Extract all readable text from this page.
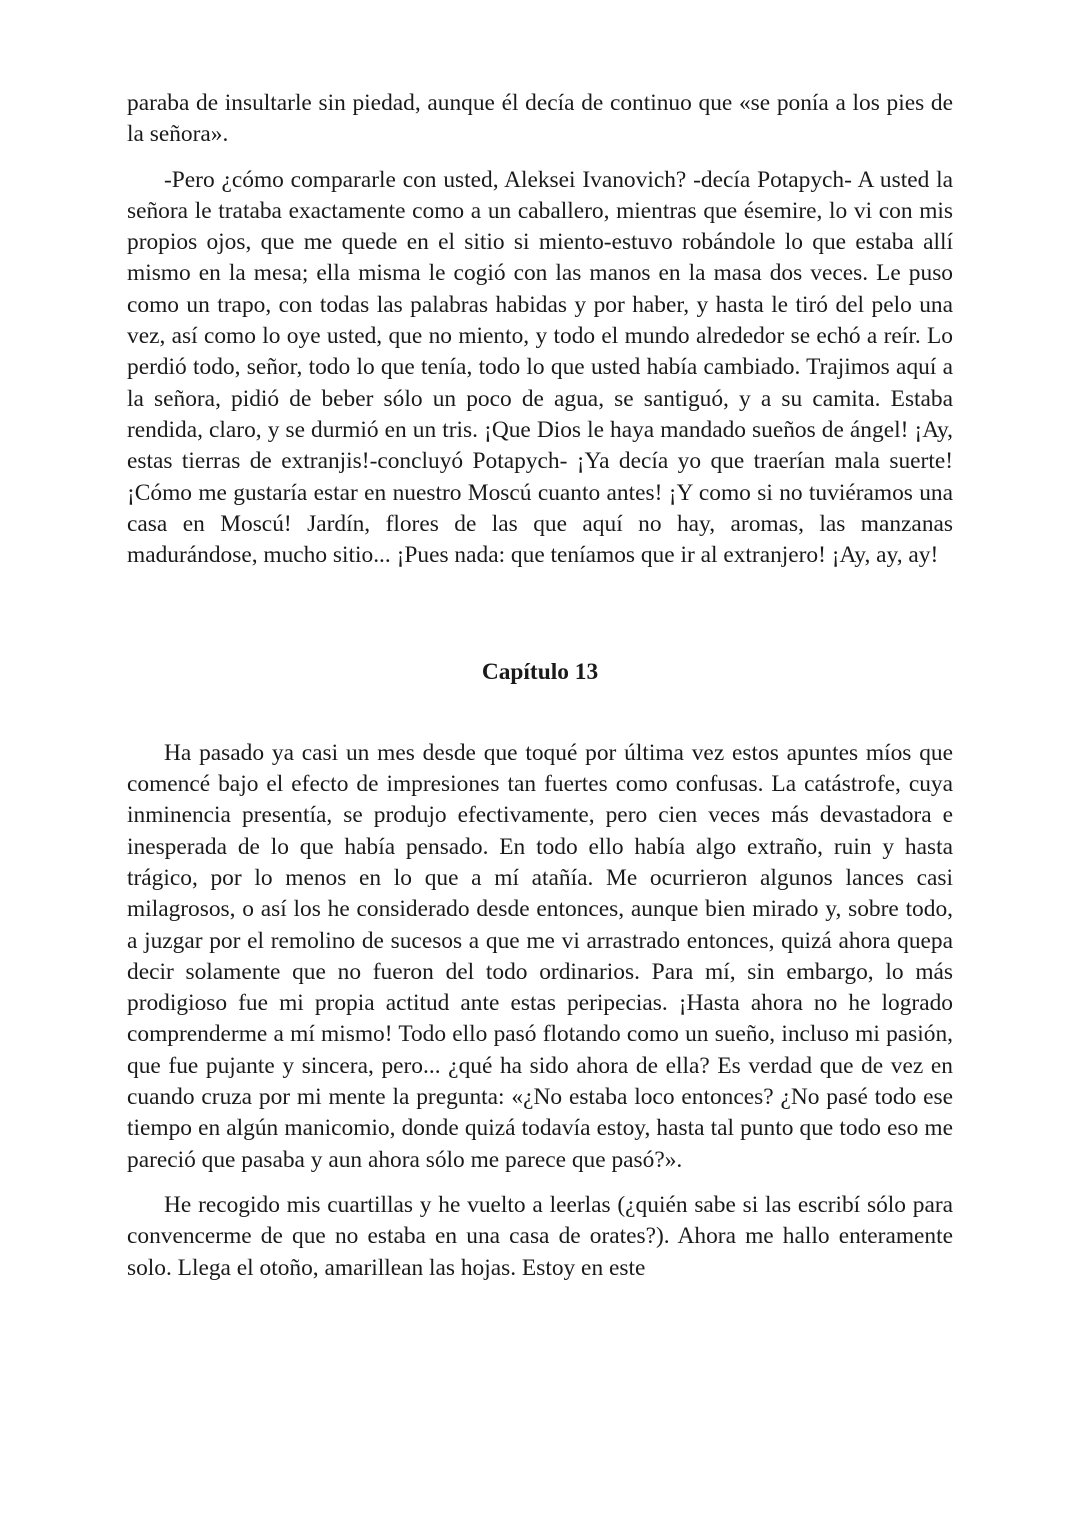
paraba de insultarle sin piedad, aunque él decía de continuo que «se ponía a los pies de la señora».

-Pero ¿cómo compararle con usted, Aleksei Ivanovich? -decía Potapych- A usted la señora le trataba exactamente como a un caballero, mientras que ésemire, lo vi con mis propios ojos, que me quede en el sitio si miento-estuvo robándole lo que estaba allí mismo en la mesa; ella misma le cogió con las manos en la masa dos veces. Le puso como un trapo, con todas las palabras habidas y por haber, y hasta le tiró del pelo una vez, así como lo oye usted, que no miento, y todo el mundo alrededor se echó a reír. Lo perdió todo, señor, todo lo que tenía, todo lo que usted había cambiado. Trajimos aquí a la señora, pidió de beber sólo un poco de agua, se santiguó, y a su camita. Estaba rendida, claro, y se durmió en un tris. ¡Que Dios le haya mandado sueños de ángel! ¡Ay, estas tierras de extranjis!-concluyó Potapych- ¡Ya decía yo que traerían mala suerte! ¡Cómo me gustaría estar en nuestro Moscú cuanto antes! ¡Y como si no tuviéramos una casa en Moscú! Jardín, flores de las que aquí no hay, aromas, las manzanas madurándose, mucho sitio... ¡Pues nada: que teníamos que ir al extranjero! ¡Ay, ay, ay!

Capítulo 13

Ha pasado ya casi un mes desde que toqué por última vez estos apuntes míos que comencé bajo el efecto de impresiones tan fuertes como confusas. La catástrofe, cuya inminencia presentía, se produjo efectivamente, pero cien veces más devastadora e inesperada de lo que había pensado. En todo ello había algo extraño, ruin y hasta trágico, por lo menos en lo que a mí atañía. Me ocurrieron algunos lances casi milagrosos, o así los he considerado desde entonces, aunque bien mirado y, sobre todo, a juzgar por el remolino de sucesos a que me vi arrastrado entonces, quizá ahora quepa decir solamente que no fueron del todo ordinarios. Para mí, sin embargo, lo más prodigioso fue mi propia actitud ante estas peripecias. ¡Hasta ahora no he logrado comprenderme a mí mismo! Todo ello pasó flotando como un sueño, incluso mi pasión, que fue pujante y sincera, pero... ¿qué ha sido ahora de ella? Es verdad que de vez en cuando cruza por mi mente la pregunta: «¿No estaba loco entonces? ¿No pasé todo ese tiempo en algún manicomio, donde quizá todavía estoy, hasta tal punto que todo eso me pareció que pasaba y aun ahora sólo me parece que pasó?».

He recogido mis cuartillas y he vuelto a leerlas (¿quién sabe si las escribí sólo para convencerme de que no estaba en una casa de orates?). Ahora me hallo enteramente solo. Llega el otoño, amarillean las hojas. Estoy en este
